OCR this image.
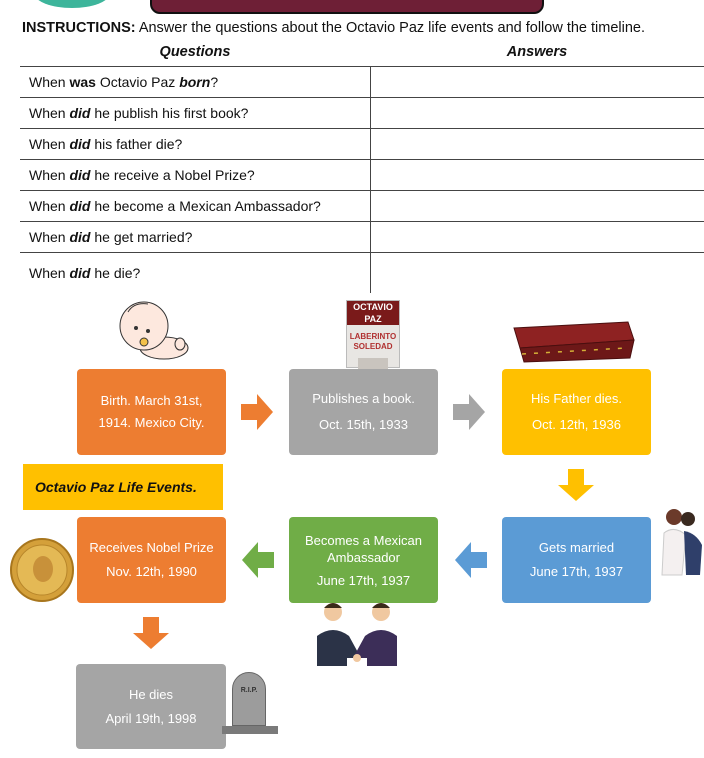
INSTRUCTIONS: Answer the questions about the Octavio Paz life events and follow the timeline.
Questions	Answers
When was Octavio Paz born?	
When did he publish his first book?	
When did his father die?	
When did he receive a Nobel Prize?	
When did he become a Mexican Ambassador?	
When did he get married?	
When did he die?	
OCTAVIO PAZ
LABERINTO
SOLEDAD
Birth. March 31st,
1914. Mexico City.
Publishes a book.
Oct. 15th, 1933
His Father dies.
Oct. 12th, 1936
Octavio Paz Life Events.
Receives Nobel Prize
Nov. 12th, 1990
Becomes a Mexican
Ambassador
June 17th, 1937
Gets married
June 17th, 1937
He dies
April 19th, 1998
R.I.P.
